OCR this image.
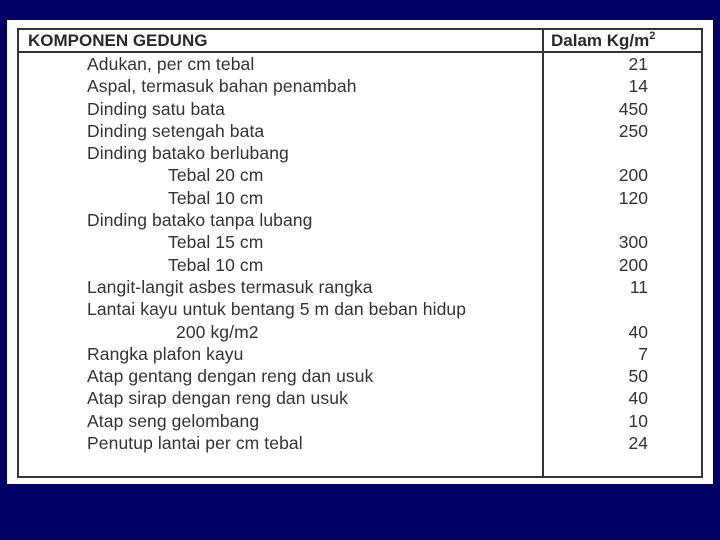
KOMPONEN GEDUNG	Dalam $Kg/m^2$
Adukan, per cm tebal	21
Aspal, termasuk bahan penambah	14
Dinding satu bata	450
Dinding setengah bata	250
Dinding batako berlubang
Tebal 20 cm	200
Tebal 10 cm	120
Dinding batako tanpa lubang
Tebal 15 cm	300
Tebal 10 cm	200
Langit-langit asbes termasuk rangka	11
Lantai kayu untuk bentang 5 m dan beban hidup
200 kg/m2	40
Rangka plafon kayu	7
Atap gentang dengan reng dan usuk	50
Atap sirap dengan reng dan usuk	40
Atap seng gelombang	10
Penutup lantai per cm tebal	24
